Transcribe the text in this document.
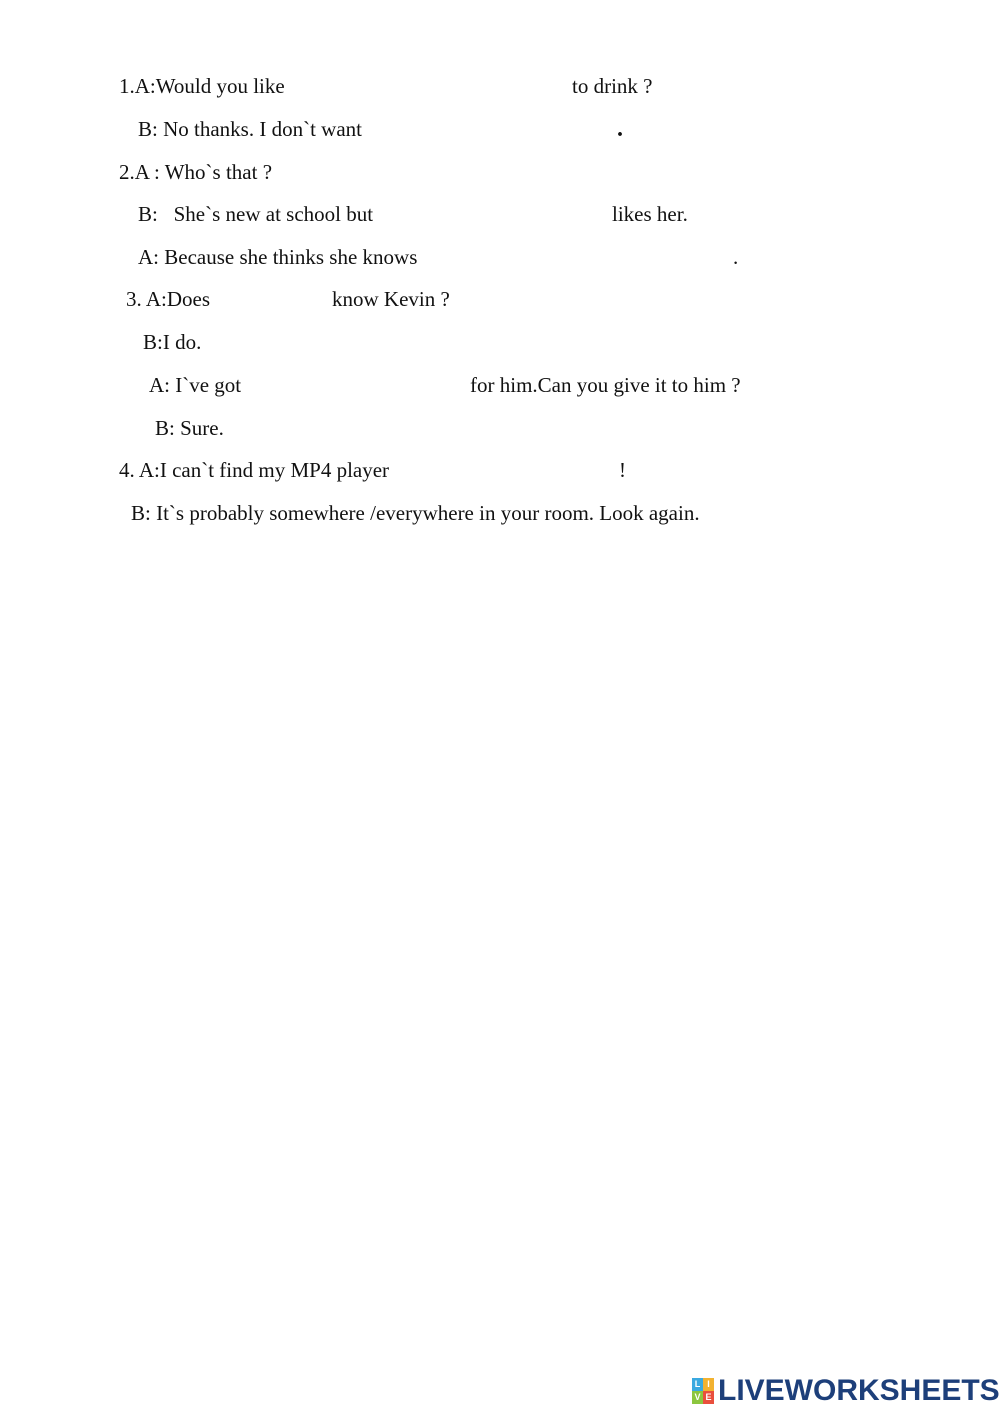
1.A:Would you like	to drink ?
B: No thanks. I don`t want	.
2.A : Who`s that ?
B:   She`s new at school but	likes her.
A: Because she thinks she knows	.
3. A:Does	know Kevin ?
B:I do.
A: I`ve got	for him.Can you give it to him ?
B: Sure.
4. A:I can`t find my MP4 player	!
B: It`s probably somewhere /everywhere in your room. Look again.
L I
V E LIVEWORKSHEETS
